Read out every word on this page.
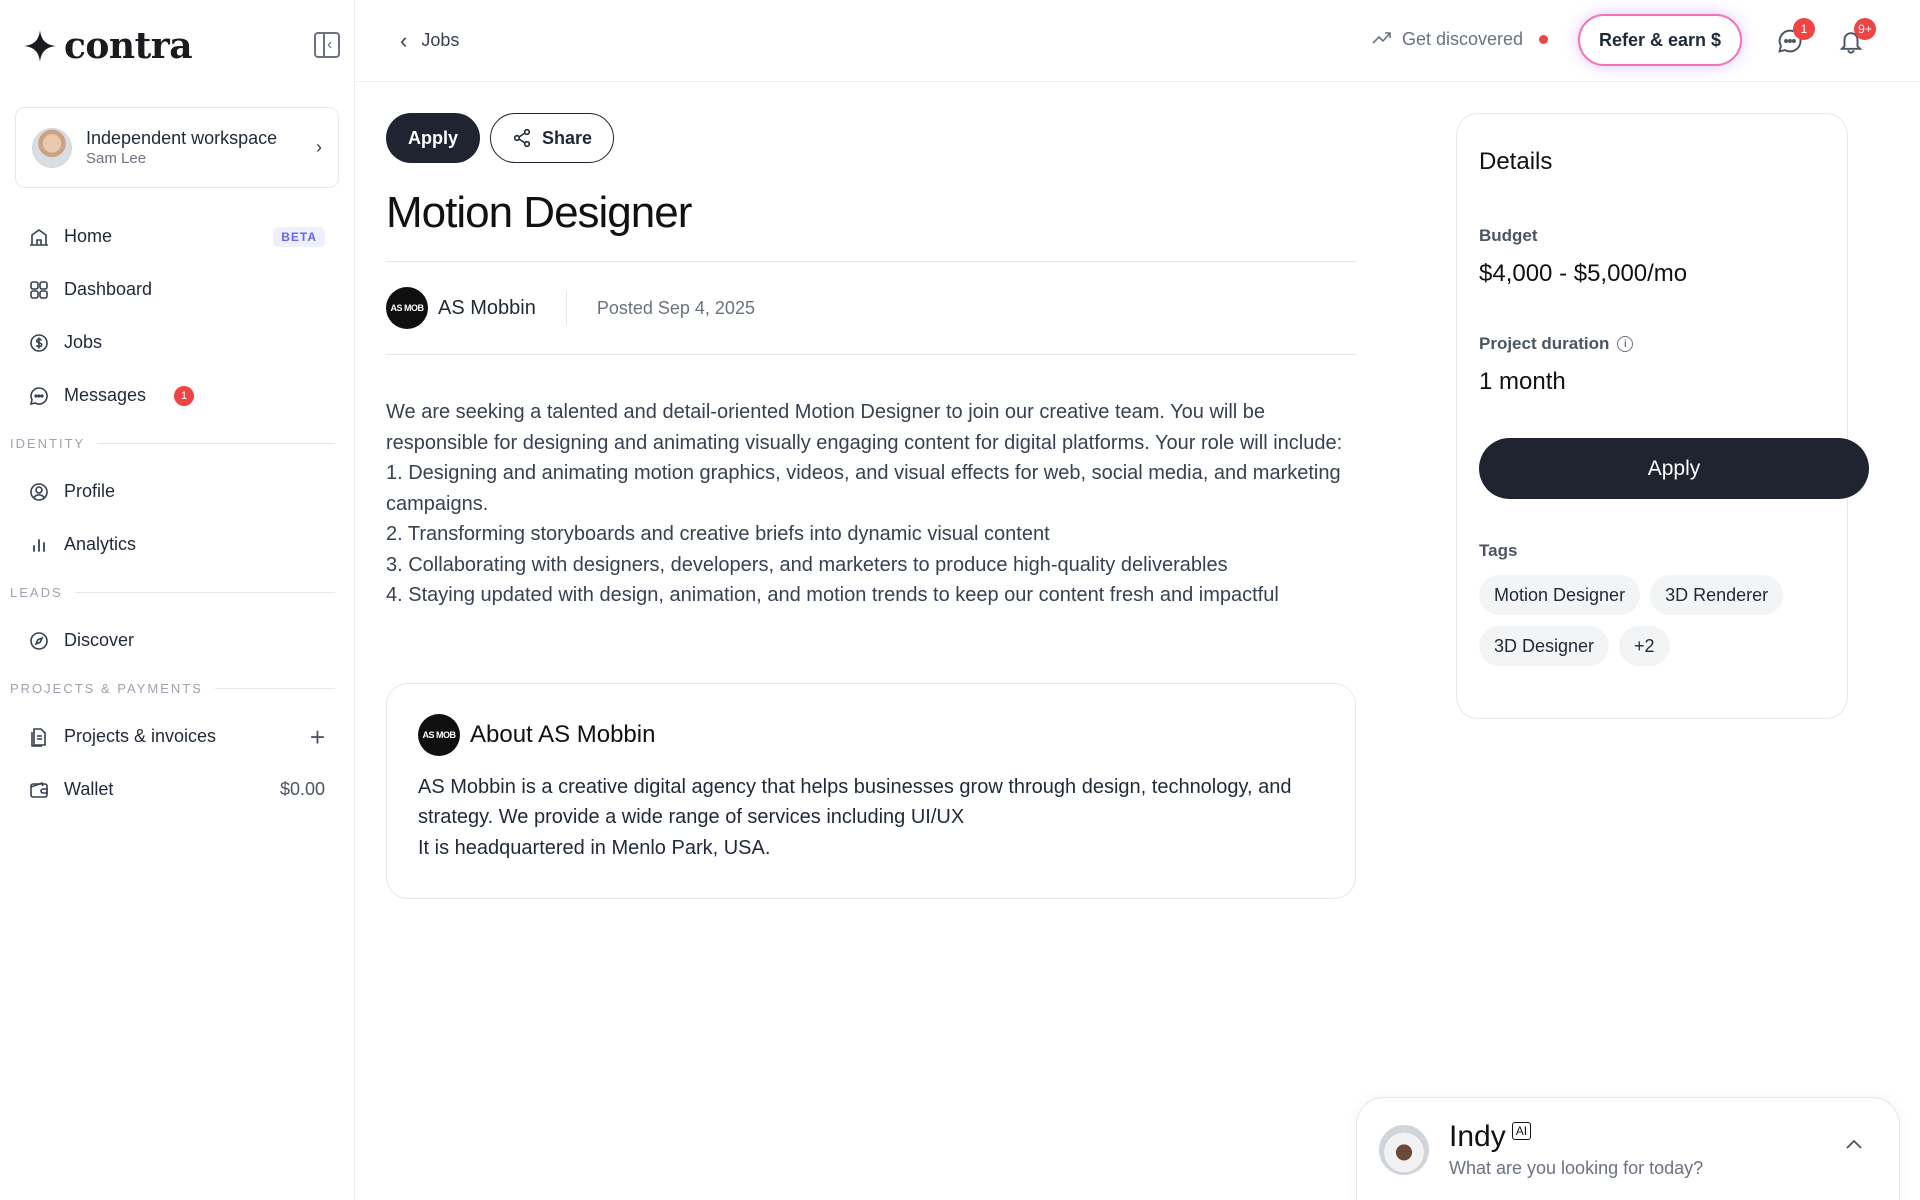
contra
‹
Independent workspace
Sam Lee
›
Home	BETA
Dashboard
Jobs
Messages	1
IDENTITY
Profile
Analytics
LEADS
Discover
PROJECTS & PAYMENTS
Projects & invoices	+
Wallet	$0.00
‹ Jobs	Get discovered	Refer & earn $
1	9+
Apply	Share
Motion Designer
AS MOB AS Mobbin	Posted Sep 4, 2025

We are seeking a talented and detail-oriented Motion Designer to join our creative team. You will be responsible for designing and animating visually engaging content for digital platforms. Your role will include:

1. Designing and animating motion graphics, videos, and visual effects for web, social media, and marketing campaigns.

2. Transforming storyboards and creative briefs into dynamic visual content

3. Collaborating with designers, developers, and marketers to produce high-quality deliverables

4. Staying updated with design, animation, and motion trends to keep our content fresh and impactful

AS MOB About AS Mobbin

AS Mobbin is a creative digital agency that helps businesses grow through design, technology, and strategy. We provide a wide range of services including UI/UX

It is headquartered in Menlo Park, USA.

Details
Budget
$4,000 - $5,000/mo
Project duration	i
1 month
Apply
Tags
Motion Designer	3D Renderer
3D Designer	+2
Indy AI
What are you looking for today?
